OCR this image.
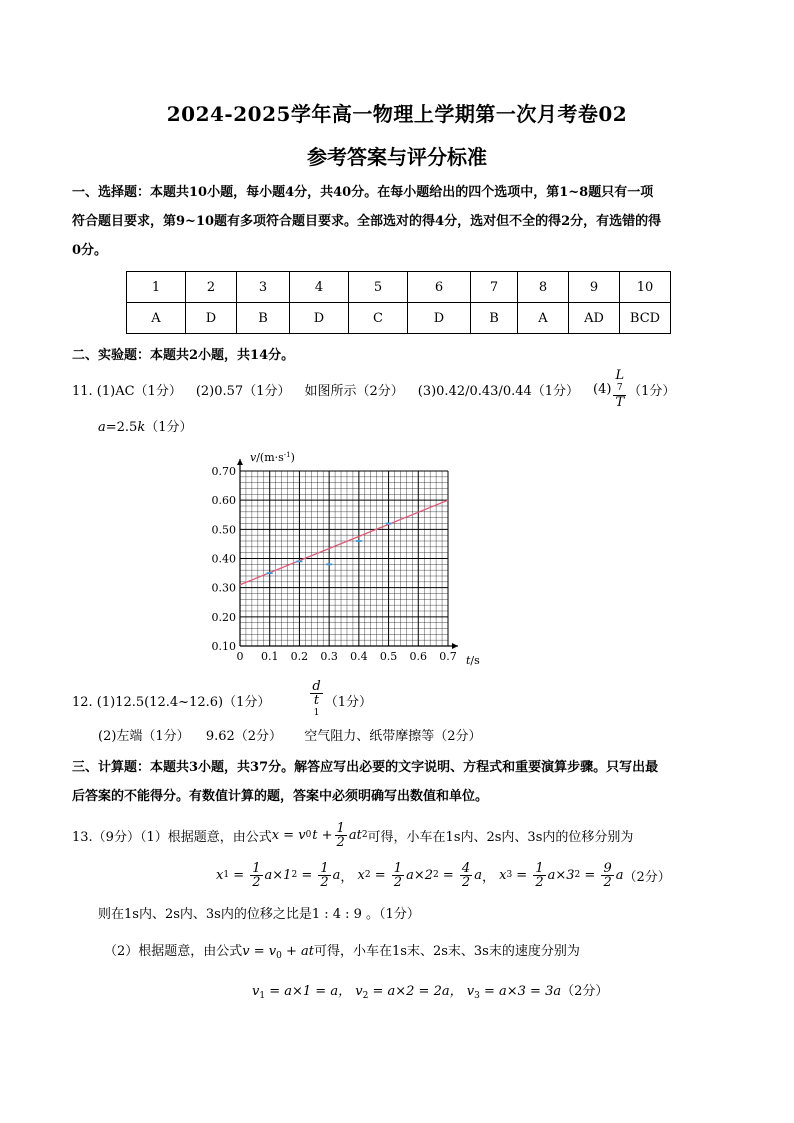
2024-2025学年高一物理上学期第一次月考卷02
参考答案与评分标准
一、选择题：本题共10小题，每小题4分，共40分。在每小题给出的四个选项中，第1~8题只有一项
符合题目要求，第9~10题有多项符合题目要求。全部选对的得4分，选对但不全的得2分，有选错的得
0分。
1	2	3	4	5	6	7	8	9	10
A	D	B	D	C	D	B	A	AD	BCD
二、实验题：本题共2小题，共14分。
11. (1)AC（1分） (2)0.57（1分） 如图所示（2分） (3)0.42/0.43/0.44（1分） (4) L
7
T （1分）
a=2.5k（1分）
0 0.1 0.2 0.3 0.4 0.5 0.6 0.7
0.10
0.20
0.30
0.40
0.50
0.60
0.70
$v/(m\cdot s^{-1})$
t/s
12. (1)12.5(12.4~12.6)（1分）	d
t
1 （1分）
(2)左端（1分） 9.62（2分） 空气阻力、纸带摩擦等（2分）
三、计算题：本题共3小题，共37分。解答应写出必要的文字说明、方程式和重要演算步骤。只写出最
后答案的不能得分。有数值计算的题，答案中必须明确写出数值和单位。
13.（9分）（1）根据题意，由公式 x = v 0 $t + \frac{1}{2}$ at 2 可得，小车在1s内、2s内、3s内的位移分别为
x $1 = \frac{1}{2} a\times 1$ $2 = \frac{1}{2}$ a ， x $2 = \frac{1}{2} a\times 2$ $2 = \frac{4}{2}$ a ， x $3 = \frac{1}{2} a\times 3$ $2 = \frac{9}{2}$ a （2分）
则在1s内、2s内、3s内的位移之比是1 : 4 : 9 。（1分）
（2）根据题意，由公式$v = v_0$ + at可得，小车在1s末、2s末、3s末的速度分别为
$v_1 = a\times 1 = a$， $v_2 = a\times 2 = 2a$， $v_3 = a\times 3 = 3a(2$分）
